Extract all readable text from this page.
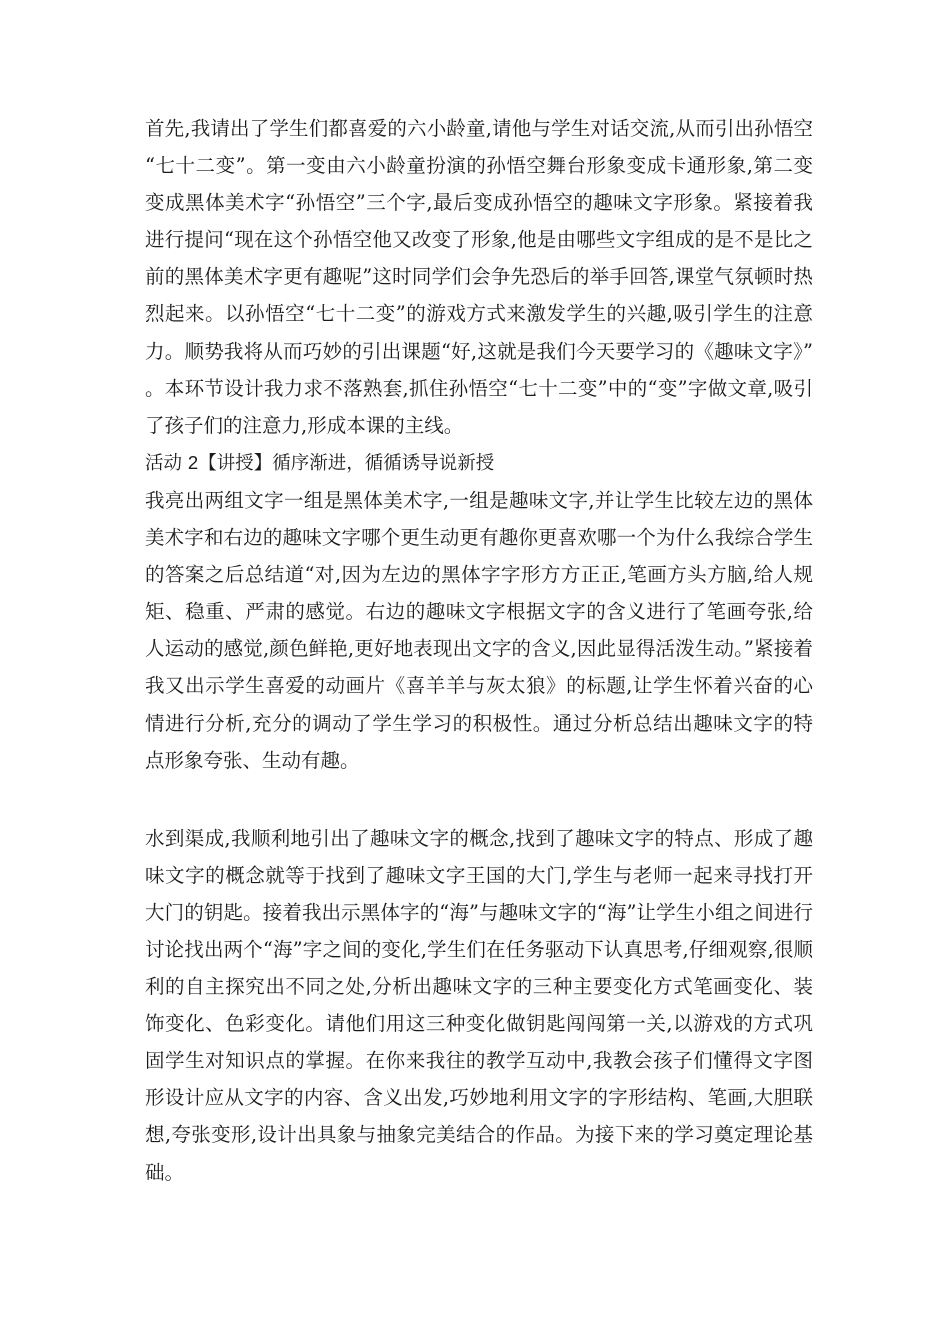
首先,我请出了学生们都喜爱的六小龄童,请他与学生对话交流,从而引出孙悟空“七十二变”。第一变由六小龄童扮演的孙悟空舞台形象变成卡通形象,第二变变成黑体美术字“孙悟空”三个字,最后变成孙悟空的趣味文字形象。紧接着我进行提问“现在这个孙悟空他又改变了形象,他是由哪些文字组成的是不是比之前的黑体美术字更有趣呢”这时同学们会争先恐后的举手回答,课堂气氛顿时热烈起来。以孙悟空“七十二变”的游戏方式来激发学生的兴趣,吸引学生的注意力。顺势我将从而巧妙的引出课题“好,这就是我们今天要学习的《趣味文字》”。本环节设计我力求不落熟套,抓住孙悟空“七十二变”中的“变”字做文章,吸引了孩子们的注意力,形成本课的主线。

活动 2【讲授】循序渐进，循循诱导说新授

我亮出两组文字一组是黑体美术字,一组是趣味文字,并让学生比较左边的黑体美术字和右边的趣味文字哪个更生动更有趣你更喜欢哪一个为什么我综合学生的答案之后总结道“对,因为左边的黑体字字形方方正正,笔画方头方脑,给人规矩、稳重、严肃的感觉。右边的趣味文字根据文字的含义进行了笔画夸张,给人运动的感觉,颜色鲜艳,更好地表现出文字的含义,因此显得活泼生动。”紧接着我又出示学生喜爱的动画片《喜羊羊与灰太狼》的标题,让学生怀着兴奋的心情进行分析,充分的调动了学生学习的积极性。通过分析总结出趣味文字的特点形象夸张、生动有趣。

水到渠成,我顺利地引出了趣味文字的概念,找到了趣味文字的特点、形成了趣味文字的概念就等于找到了趣味文字王国的大门,学生与老师一起来寻找打开大门的钥匙。接着我出示黑体字的“海”与趣味文字的“海”让学生小组之间进行讨论找出两个“海”字之间的变化,学生们在任务驱动下认真思考,仔细观察,很顺利的自主探究出不同之处,分析出趣味文字的三种主要变化方式笔画变化、装饰变化、色彩变化。请他们用这三种变化做钥匙闯闯第一关,以游戏的方式巩固学生对知识点的掌握。在你来我往的教学互动中,我教会孩子们懂得文字图形设计应从文字的内容、含义出发,巧妙地利用文字的字形结构、笔画,大胆联想,夸张变形,设计出具象与抽象完美结合的作品。为接下来的学习奠定理论基础。
